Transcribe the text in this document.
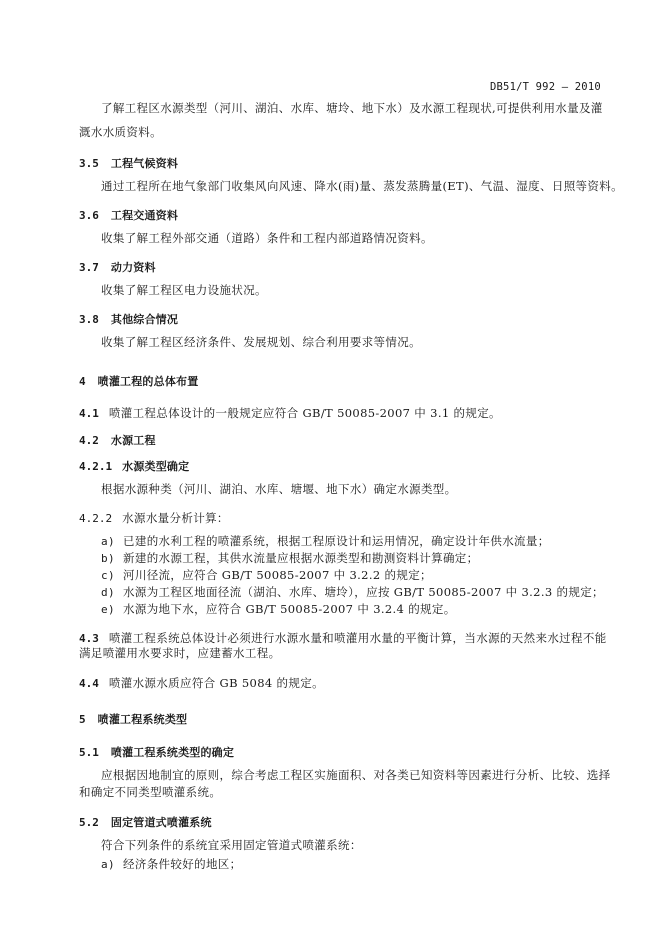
DB51/T 992 – 2010
了解工程区水源类型（河川、湖泊、水库、塘坽、地下水）及水源工程现状,可提供利用水量及灌
溉水水质资料。
3.5 工程气候资料
通过工程所在地气象部门收集风向风速、降水(雨)量、蒸发蒸腾量(ET)、气温、湿度、日照等资料。
3.6 工程交通资料
收集了解工程外部交通（道路）条件和工程内部道路情况资料。
3.7 动力资料
收集了解工程区电力设施状况。
3.8 其他综合情况
收集了解工程区经济条件、发展规划、综合利用要求等情况。
4 喷灌工程的总体布置
4.1 喷灌工程总体设计的一般规定应符合 GB/T 50085-2007 中 3.1 的规定。
4.2 水源工程
4.2.1 水源类型确定
根据水源种类（河川、湖泊、水库、塘堰、地下水）确定水源类型。
4.2.2 水源水量分析计算：
a) 已建的水利工程的喷灌系统，根据工程原设计和运用情况，确定设计年供水流量；
b) 新建的水源工程，其供水流量应根据水源类型和勘测资料计算确定；
c) 河川径流，应符合 GB/T 50085-2007 中 3.2.2 的规定；
d) 水源为工程区地面径流（湖泊、水库、塘坽），应按 GB/T 50085-2007 中 3.2.3 的规定；
e) 水源为地下水，应符合 GB/T 50085-2007 中 3.2.4 的规定。
4.3 喷灌工程系统总体设计必须进行水源水量和喷灌用水量的平衡计算，当水源的天然来水过程不能
满足喷灌用水要求时，应建蓄水工程。
4.4 喷灌水源水质应符合 GB 5084 的规定。
5 喷灌工程系统类型
5.1 喷灌工程系统类型的确定
应根据因地制宜的原则，综合考虑工程区实施面积、对各类已知资料等因素进行分析、比较、选择
和确定不同类型喷灌系统。
5.2 固定管道式喷灌系统
符合下列条件的系统宜采用固定管道式喷灌系统：
a) 经济条件较好的地区；
